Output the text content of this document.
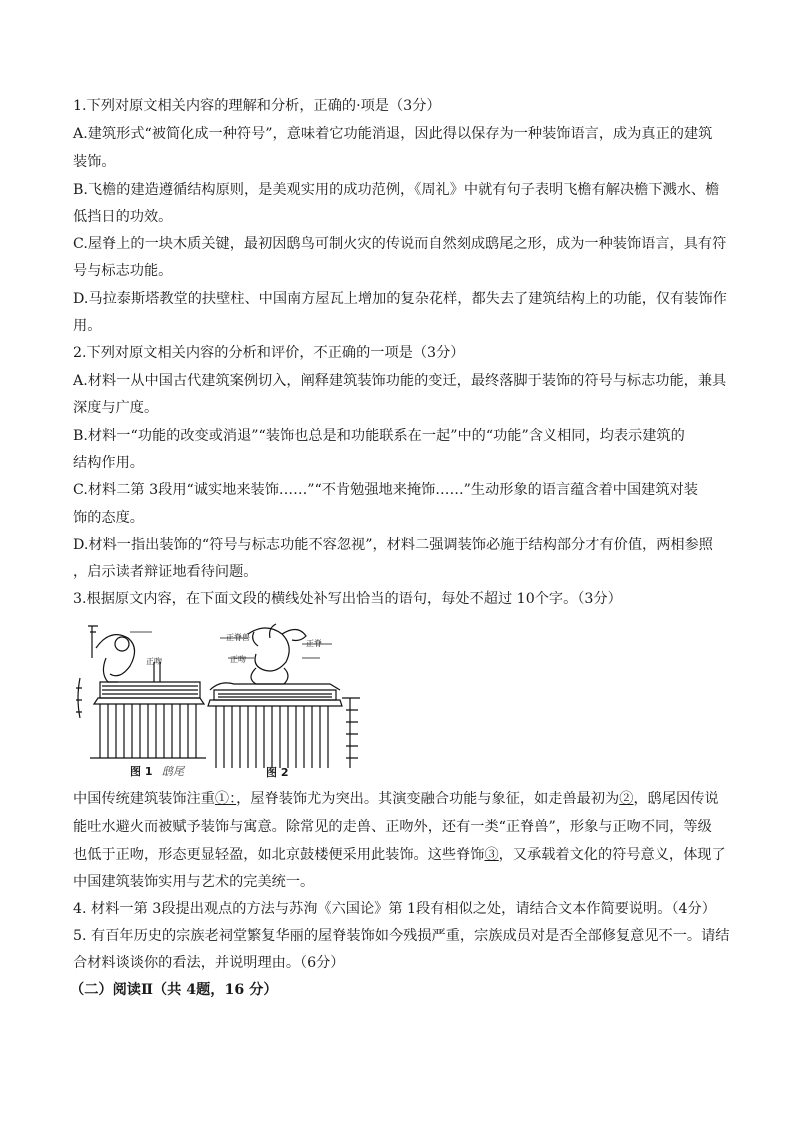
1.下列对原文相关内容的理解和分析，正确的·项是（3分）
A.建筑形式“被简化成一种符号”，意味着它功能消退，因此得以保存为一种装饰语言，成为真正的建筑
装饰。
B.飞檐的建造遵循结构原则，是美观实用的成功范例，《周礼》中就有句子表明飞檐有解决檐下溅水、檐
低挡日的功效。
C.屋脊上的一块木质关键，最初因鸱鸟可制火灾的传说而自然刻成鸱尾之形，成为一种装饰语言，具有符
号与标志功能。
D.马拉泰斯塔教堂的扶壁柱、中国南方屋瓦上增加的复杂花样，都失去了建筑结构上的功能，仅有装饰作
用。
2.下列对原文相关内容的分析和评价，不正确的一项是（3分）
A.材料一从中国古代建筑案例切入，阐释建筑装饰功能的变迁，最终落脚于装饰的符号与标志功能，兼具
深度与广度。
B.材料一“功能的改变或消退”“装饰也总是和功能联系在一起”中的“功能”含义相同，均表示建筑的
结构作用。
C.材料二第 3段用“诚实地来装饰……”“不肯勉强地来掩饰……”生动形象的语言蕴含着中国建筑对装
饰的态度。
D.材料一指出装饰的“符号与标志功能不容忽视”，材料二强调装饰必施于结构部分才有价值，两相参照
，启示读者辩证地看待问题。
3.根据原文内容，在下面文段的横线处补写出恰当的语句，每处不超过 10个字。（3分）
正吻
正脊兽
正吻
正脊
图 1 鸱尾	图 2
中国传统建筑装饰注重①：，屋脊装饰尤为突出。其演变融合功能与象征，如走兽最初为②，鸱尾因传说
能吐水避火而被赋予装饰与寓意。除常见的走兽、正吻外，还有一类“正脊兽”，形象与正吻不同，等级
也低于正吻，形态更显轻盈，如北京鼓楼便采用此装饰。这些脊饰③，又承载着文化的符号意义，体现了
中国建筑装饰实用与艺术的完美统一。
4. 材料一第 3段提出观点的方法与苏洵《六国论》第 1段有相似之处，请结合文本作简要说明。（4分）
5. 有百年历史的宗族老祠堂繁复华丽的屋脊装饰如今残损严重，宗族成员对是否全部修复意见不一。请结
合材料谈谈你的看法，并说明理由。（6分）
（二）阅读Ⅱ（共 4题，16 分）
